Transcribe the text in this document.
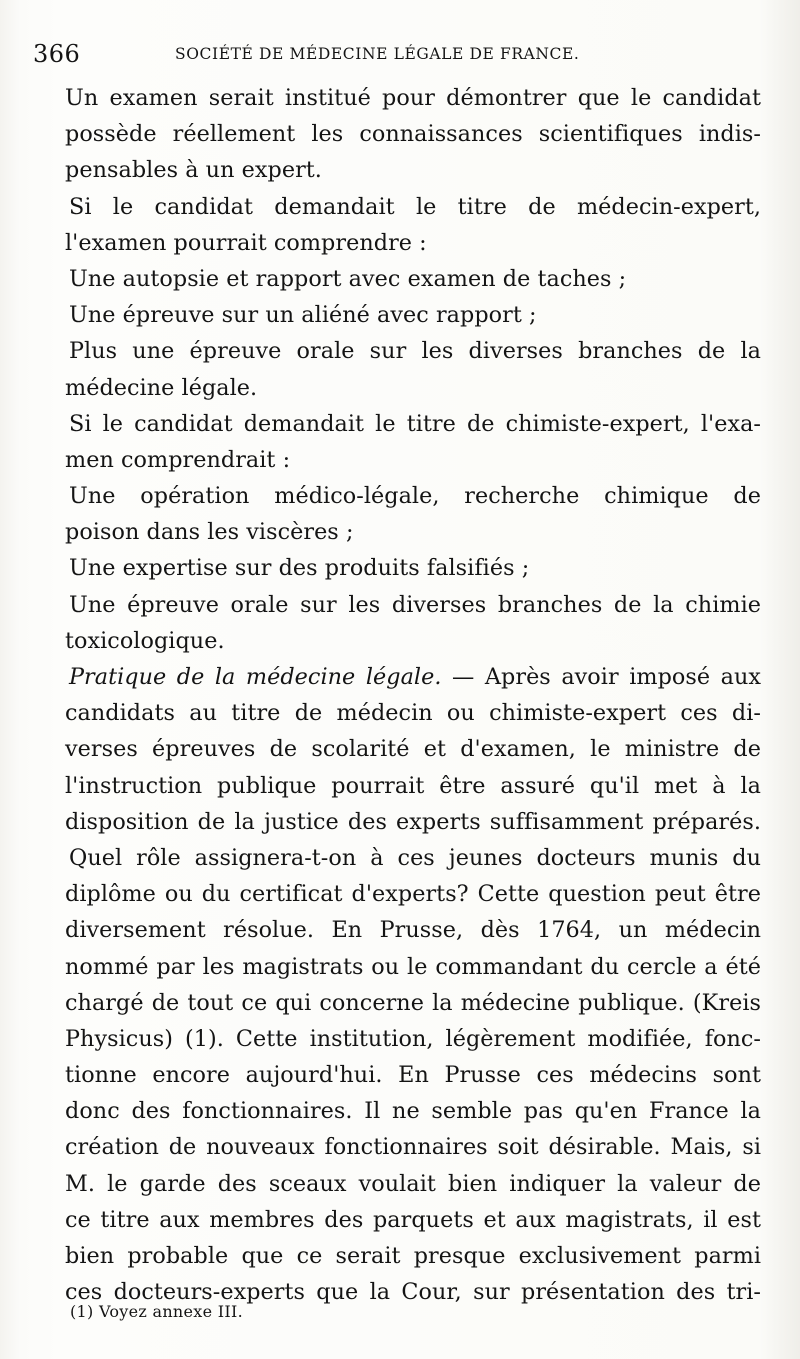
366	SOCIÉTÉ DE MÉDECINE LÉGALE DE FRANCE.
Un examen serait institué pour démontrer que le candidat
possède réellement les connaissances scientifiques indis-
pensables à un expert.
Si le candidat demandait le titre de médecin-expert,
l'examen pourrait comprendre :
Une autopsie et rapport avec examen de taches ;
Une épreuve sur un aliéné avec rapport ;
Plus une épreuve orale sur les diverses branches de la
médecine légale.
Si le candidat demandait le titre de chimiste-expert, l'exa-
men comprendrait :
Une opération médico-légale, recherche chimique de
poison dans les viscères ;
Une expertise sur des produits falsifiés ;
Une épreuve orale sur les diverses branches de la chimie
toxicologique.
Pratique de la médecine légale. — Après avoir imposé aux
candidats au titre de médecin ou chimiste-expert ces di-
verses épreuves de scolarité et d'examen, le ministre de
l'instruction publique pourrait être assuré qu'il met à la
disposition de la justice des experts suffisamment préparés.
Quel rôle assignera-t-on à ces jeunes docteurs munis du
diplôme ou du certificat d'experts? Cette question peut être
diversement résolue. En Prusse, dès 1764, un médecin
nommé par les magistrats ou le commandant du cercle a été
chargé de tout ce qui concerne la médecine publique. (Kreis
Physicus) (1). Cette institution, légèrement modifiée, fonc-
tionne encore aujourd'hui. En Prusse ces médecins sont
donc des fonctionnaires. Il ne semble pas qu'en France la
création de nouveaux fonctionnaires soit désirable. Mais, si
M. le garde des sceaux voulait bien indiquer la valeur de
ce titre aux membres des parquets et aux magistrats, il est
bien probable que ce serait presque exclusivement parmi
ces docteurs-experts que la Cour, sur présentation des tri-
(1) Voyez annexe III.
